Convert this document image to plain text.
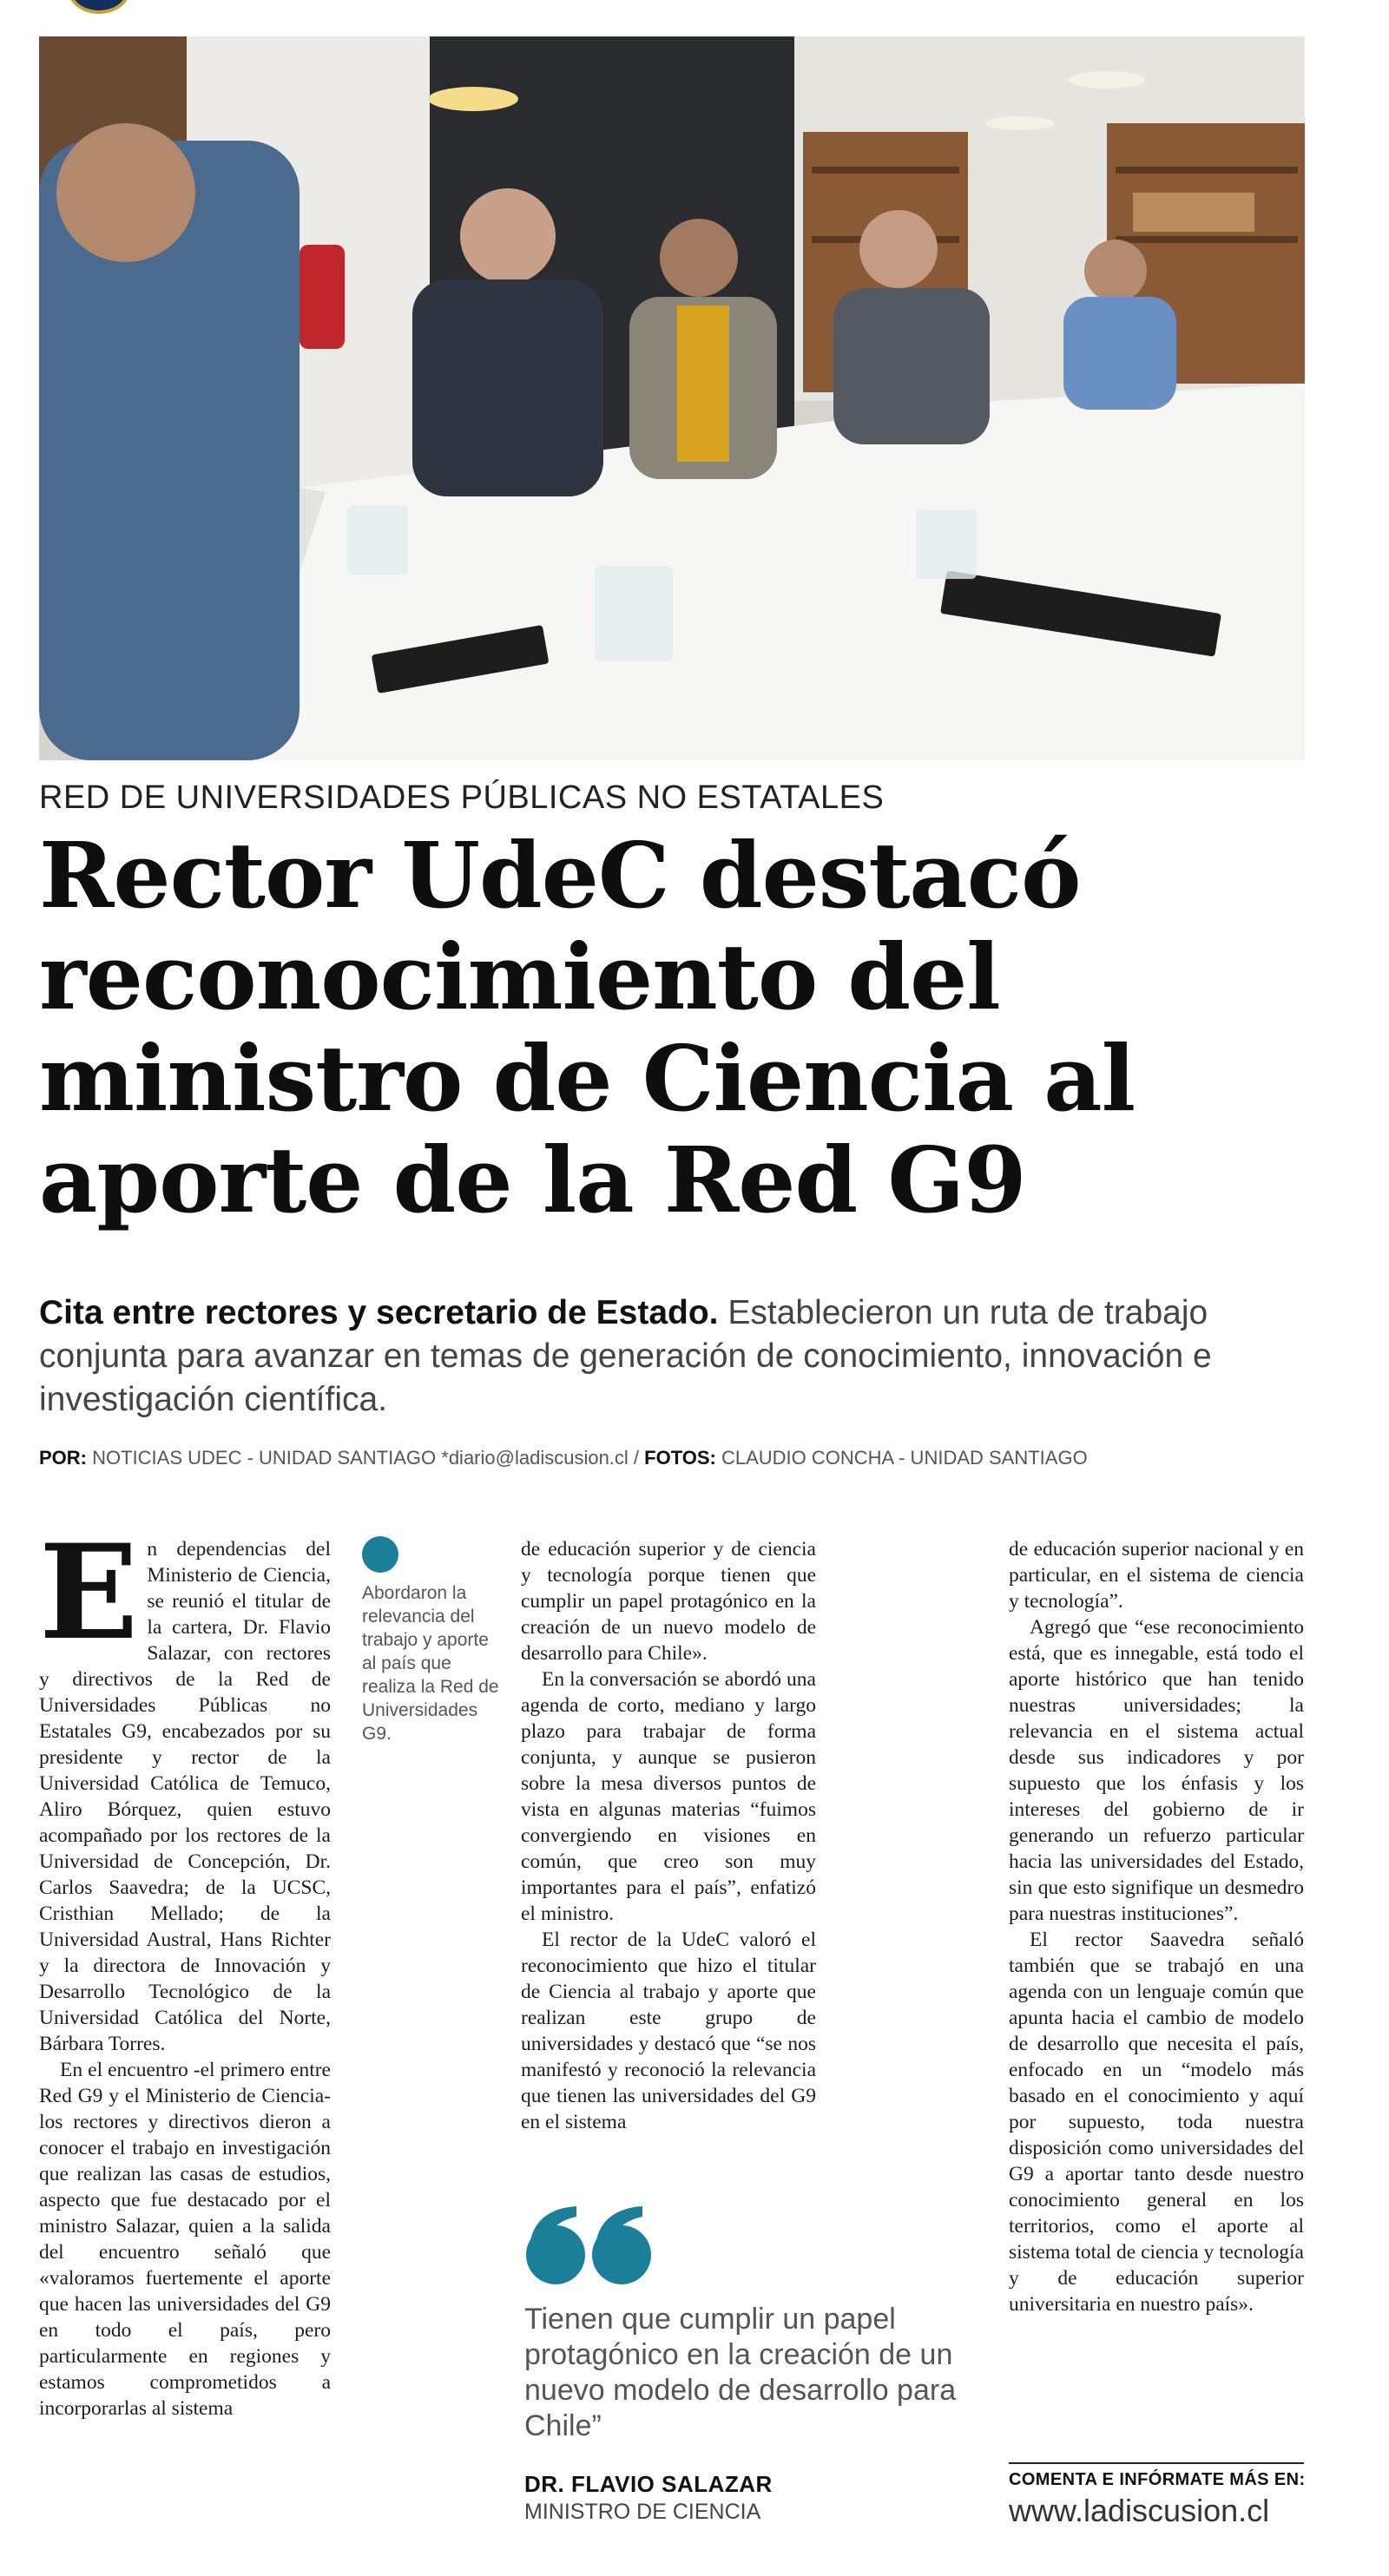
RED DE UNIVERSIDADES PÚBLICAS NO ESTATALES
Rector UdeC destacó reconocimiento del ministro de Ciencia al aporte de la Red G9
Cita entre rectores y secretario de Estado. Establecieron un ruta de trabajo conjunta para avanzar en temas de generación de conocimiento, innovación e investigación científica.
POR: NOTICIAS UDEC - UNIDAD SANTIAGO *diario@ladiscusion.cl / FOTOS: CLAUDIO CONCHA - UNIDAD SANTIAGO

En dependencias del Ministerio de Ciencia, se reunió el titular de la cartera, Dr. Flavio Salazar, con rectores y directivos de la Red de Universidades Públicas no Estatales G9, encabezados por su presidente y rector de la Universidad Católica de Temuco, Aliro Bórquez, quien estuvo acompañado por los rectores de la Universidad de Concepción, Dr. Carlos Saavedra; de la UCSC, Cristhian Mellado; de la Universidad Austral, Hans Richter y la directora de Innovación y Desarrollo Tecnológico de la Universidad Católica del Norte, Bárbara Torres.

En el encuentro -el primero entre Red G9 y el Ministerio de Ciencia- los rectores y directivos dieron a conocer el trabajo en investigación que realizan las casas de estudios, aspecto que fue destacado por el ministro Salazar, quien a la salida del encuentro señaló que «valoramos fuertemente el aporte que hacen las universidades del G9 en todo el país, pero particularmente en regiones y estamos comprometidos a incorporarlas al sistema

Abordaron la relevancia del trabajo y aporte al país que realiza la Red de Universidades G9.

de educación superior y de ciencia y tecnología porque tienen que cumplir un papel protagónico en la creación de un nuevo modelo de desarrollo para Chile».

En la conversación se abordó una agenda de corto, mediano y largo plazo para trabajar de forma conjunta, y aunque se pusieron sobre la mesa diversos puntos de vista en algunas materias “fuimos convergiendo en visiones en común, que creo son muy importantes para el país”, enfatizó el ministro.

El rector de la UdeC valoró el reconocimiento que hizo el titular de Ciencia al trabajo y aporte que realizan este grupo de universidades y destacó que “se nos manifestó y reconoció la relevancia que tienen las universidades del G9 en el sistema

Tienen que cumplir un papel protagónico en la creación de un nuevo modelo de desarrollo para Chile”
DR. FLAVIO SALAZAR
MINISTRO DE CIENCIA

de educación superior nacional y en particular, en el sistema de ciencia y tecnología”.

Agregó que “ese reconocimiento está, que es innegable, está todo el aporte histórico que han tenido nuestras universidades; la relevancia en el sistema actual desde sus indicadores y por supuesto que los énfasis y los intereses del gobierno de ir generando un refuerzo particular hacia las universidades del Estado, sin que esto signifique un desmedro para nuestras instituciones”.

El rector Saavedra señaló también que se trabajó en una agenda con un lenguaje común que apunta hacia el cambio de modelo de desarrollo que necesita el país, enfocado en un “modelo más basado en el conocimiento y aquí por supuesto, toda nuestra disposición como universidades del G9 a aportar tanto desde nuestro conocimiento general en los territorios, como el aporte al sistema total de ciencia y tecnología y de educación superior universitaria en nuestro país».

COMENTA E INFÓRMATE MÁS EN:
www.ladiscusion.cl
